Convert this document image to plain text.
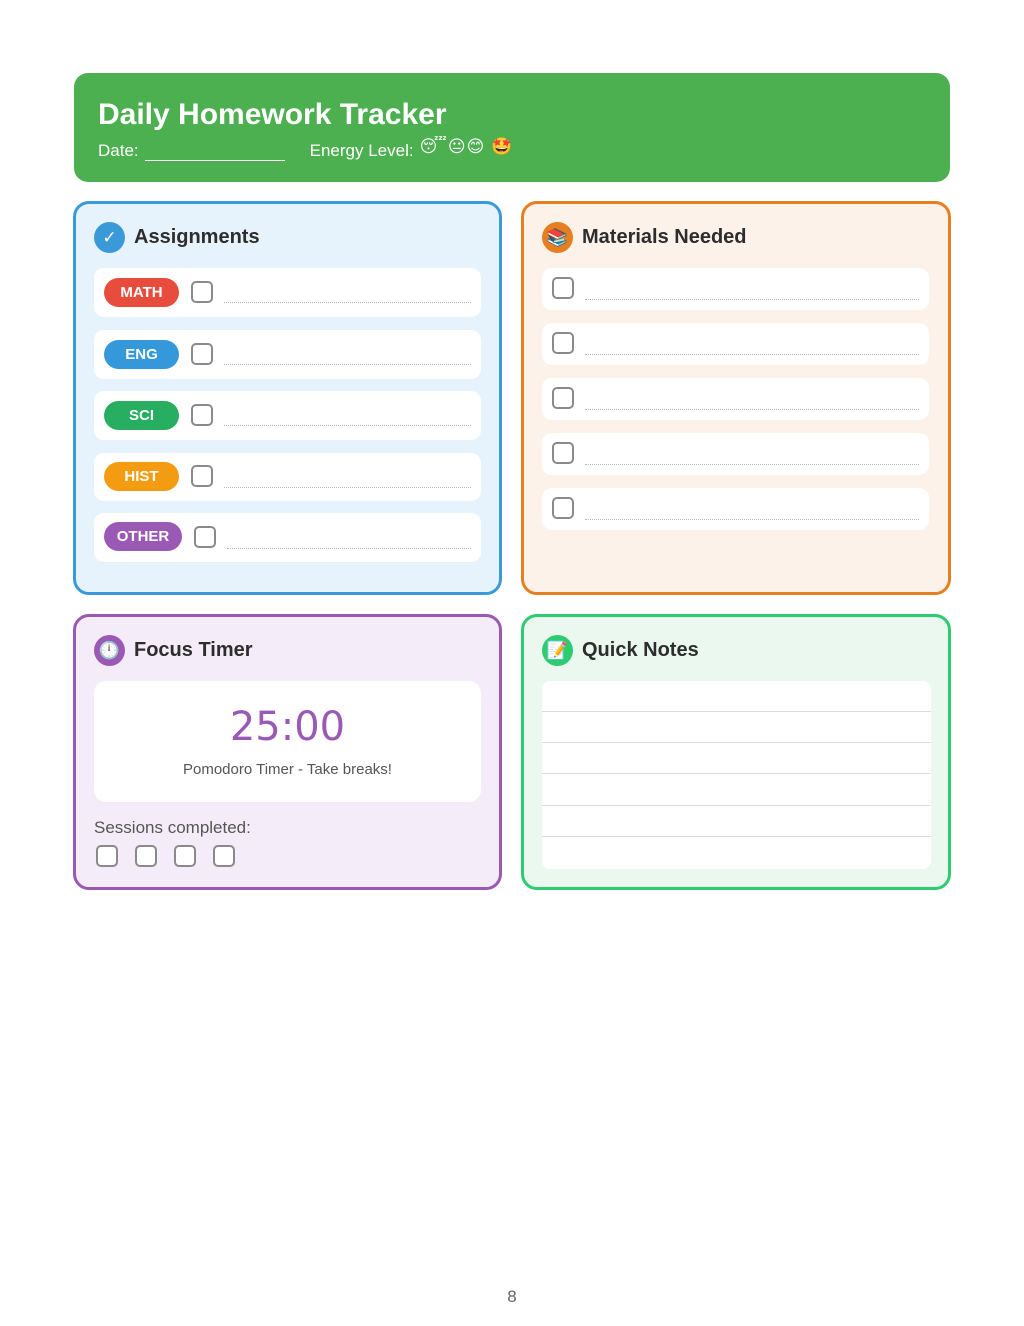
Daily Homework Tracker
Date:	Energy Level: 😴😐😊 🤩
✓ Assignments
MATH
ENG
SCI
HIST
OTHER
📚 Materials Needed
🕛 Focus Timer
25:00
Pomodoro Timer - Take breaks!
Sessions completed:
📝 Quick Notes
8
